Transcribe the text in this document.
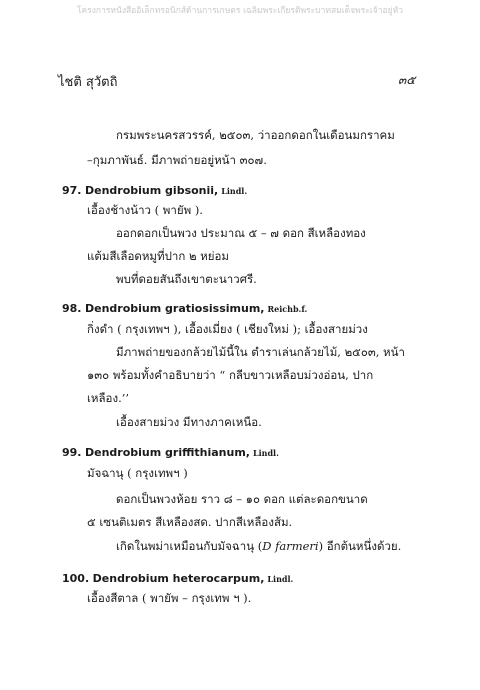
โครงการหนังสืออิเล็กทรอนิกส์ด้านการเกษตร เฉลิมพระเกียรติพระบาทสมเด็จพระเจ้าอยู่หัว
ไชติ สุวัตถิ	๓๕
กรมพระนครสวรรค์, ๒๕๐๓, ว่าออกดอกในเดือนมกราคม
–กุมภาพันธ์. มีภาพถ่ายอยู่หน้า ๓๐๗.
97. Dendrobium gibsonii, Lindl.
เอื้องช้างน้าว ( พายัพ ).
ออกดอกเป็นพวง ประมาณ ๕ – ๗ ดอก สีเหลืองทอง
แต้มสีเลือดหมูที่ปาก ๒ หย่อม
พบที่ดอยสันถึงเขาตะนาวศรี.
98. Dendrobium gratiosissimum, Reichb.f.
กิ่งดำ ( กรุงเทพฯ ), เอื้องเมี่ยง ( เชียงใหม่ ); เอื้องสายม่วง
มีภาพถ่ายของกล้วยไม้นี้ใน ตำราเล่นกล้วยไม้, ๒๕๐๓, หน้า
๑๓๐ พร้อมทั้งคำอธิบายว่า “ กลีบขาวเหลือบม่วงอ่อน, ปาก
เหลือง.’’
เอื้องสายม่วง มีทางภาคเหนือ.
99. Dendrobium griffithianum, Lindl.
มัจฉานุ ( กรุงเทพฯ )
ดอกเป็นพวงห้อย ราว ๘ – ๑๐ ดอก แต่ละดอกขนาด
๕ เซนติเมตร สีเหลืองสด. ปากสีเหลืองส้ม.
เกิดในพม่าเหมือนกับมัจฉานุ (D farmeri) อีกต้นหนึ่งด้วย.
100. Dendrobium heterocarpum, Lindl.
เอื้องสีตาล ( พายัพ – กรุงเทพ ฯ ).
